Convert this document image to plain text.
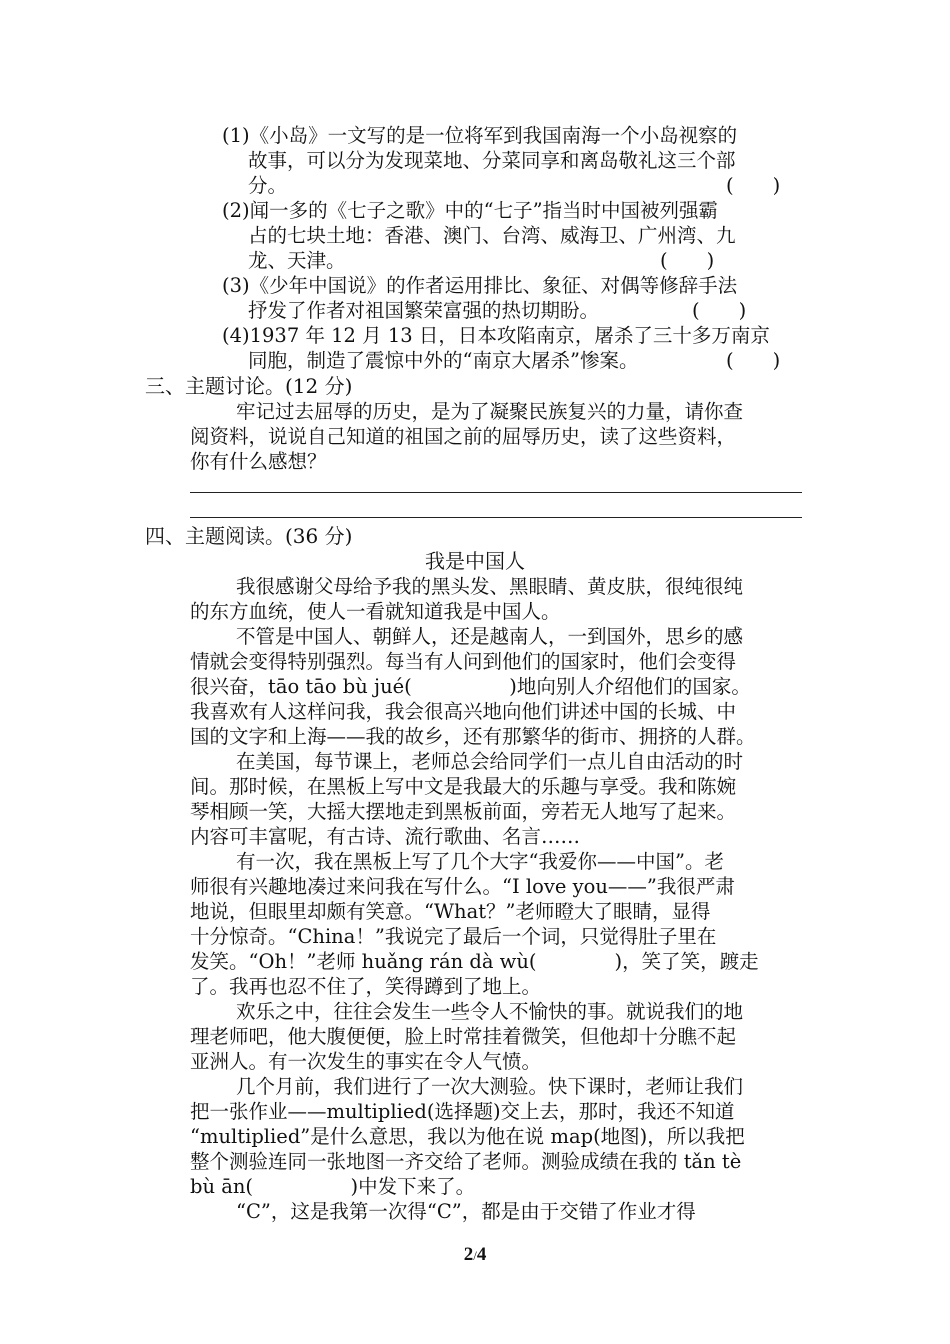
(1)《小岛》一文写的是一位将军到我国南海一个小岛视察的
故事，可以分为发现菜地、分菜同享和离岛敬礼这三个部
分。	(　　)
(2)闻一多的《七子之歌》中的“七子”指当时中国被列强霸
占的七块土地：香港、澳门、台湾、威海卫、广州湾、九
龙、天津。	(　　)
(3)《少年中国说》的作者运用排比、象征、对偶等修辞手法
抒发了作者对祖国繁荣富强的热切期盼。	(　　)
(4)1937 年 12 月 13 日，日本攻陷南京，屠杀了三十多万南京
同胞，制造了震惊中外的“南京大屠杀”惨案。	(　　)
三、主题讨论。(12 分)
牢记过去屈辱的历史，是为了凝聚民族复兴的力量，请你查
阅资料，说说自己知道的祖国之前的屈辱历史，读了这些资料，
你有什么感想？
四、主题阅读。(36 分)
我是中国人
我很感谢父母给予我的黑头发、黑眼睛、黄皮肤，很纯很纯
的东方血统，使人一看就知道我是中国人。
不管是中国人、朝鲜人，还是越南人，一到国外，思乡的感
情就会变得特别强烈。每当有人问到他们的国家时，他们会变得
很兴奋，tāo tāo bù jué(　　　　　)地向别人介绍他们的国家。
我喜欢有人这样问我，我会很高兴地向他们讲述中国的长城、中
国的文字和上海——我的故乡，还有那繁华的街市、拥挤的人群。
在美国，每节课上，老师总会给同学们一点儿自由活动的时
间。那时候，在黑板上写中文是我最大的乐趣与享受。我和陈婉
琴相顾一笑，大摇大摆地走到黑板前面，旁若无人地写了起来。
内容可丰富呢，有古诗、流行歌曲、名言……
有一次，我在黑板上写了几个大字“我爱你——中国”。老
师很有兴趣地凑过来问我在写什么。“I love you——”我很严肃
地说，但眼里却颇有笑意。“What？”老师瞪大了眼睛，显得
十分惊奇。“China！”我说完了最后一个词，只觉得肚子里在
发笑。“Oh！”老师 huǎng rán dà wù(　　　　)，笑了笑，踱走
了。我再也忍不住了，笑得蹲到了地上。
欢乐之中，往往会发生一些令人不愉快的事。就说我们的地
理老师吧，他大腹便便，脸上时常挂着微笑，但他却十分瞧不起
亚洲人。有一次发生的事实在令人气愤。
几个月前，我们进行了一次大测验。快下课时，老师让我们
把一张作业——multiplied(选择题)交上去，那时，我还不知道
“multiplied”是什么意思，我以为他在说 map(地图)，所以我把
整个测验连同一张地图一齐交给了老师。测验成绩在我的 tǎn tè
bù ān(　　　　　)中发下来了。
“C”，这是我第一次得“C”，都是由于交错了作业才得
2/4
